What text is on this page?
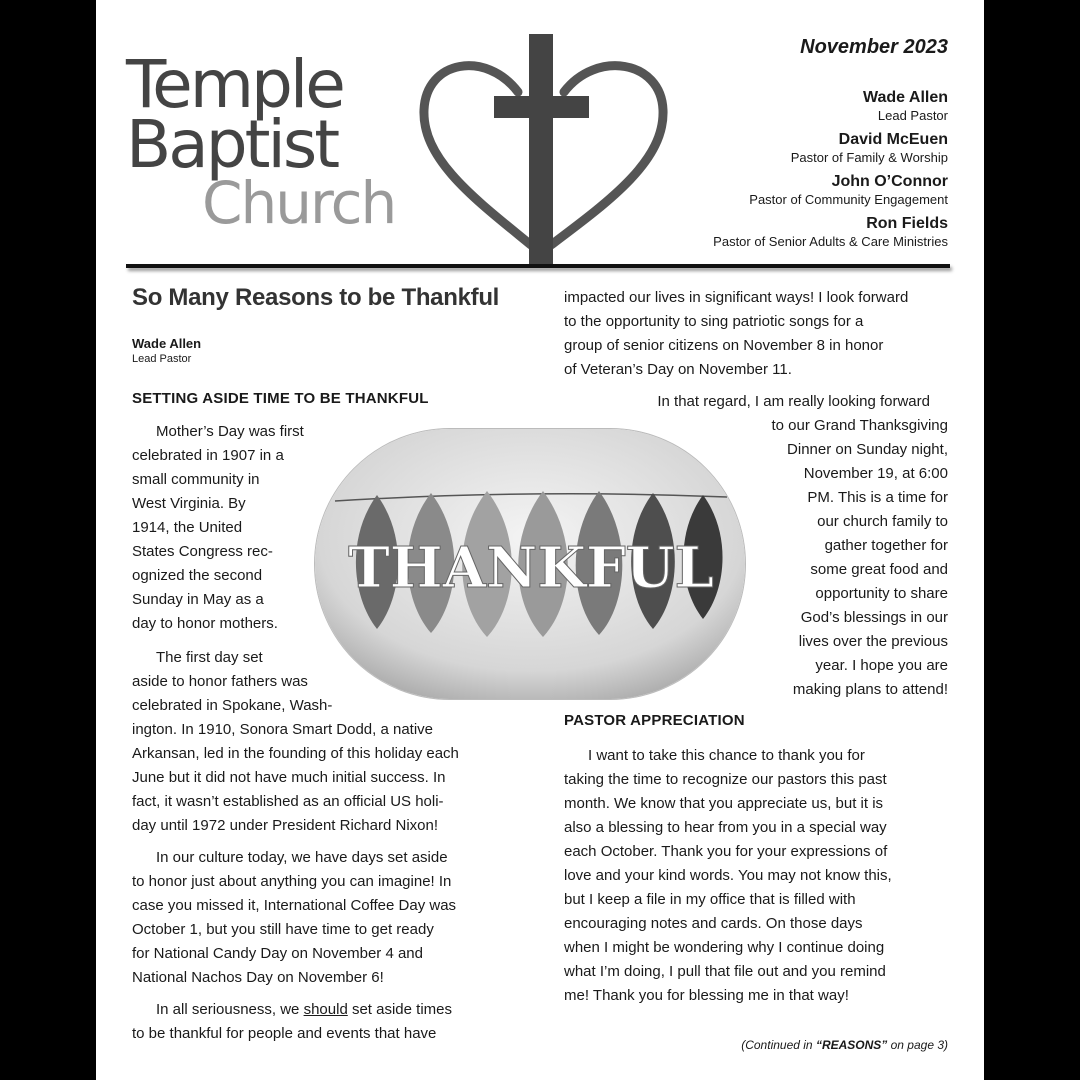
Temple
Baptist
Church
November 2023
Wade Allen
Lead Pastor
David McEuen
Pastor of Family & Worship
John O’Connor
Pastor of Community Engagement
Ron Fields
Pastor of Senior Adults & Care Ministries
So Many Reasons to be Thankful
Wade Allen
Lead Pastor
SETTING ASIDE TIME TO BE THANKFUL

Mother’s Day was first

celebrated in 1907 in a

small community in

West Virginia. By

1914, the United

States Congress rec-

ognized the second

Sunday in May as a

day to honor mothers.

The first day set

aside to honor fathers was

celebrated in Spokane, Wash-

ington. In 1910, Sonora Smart Dodd, a native

Arkansan, led in the founding of this holiday each

June but it did not have much initial success. In

fact, it wasn’t established as an official US holi-

day until 1972 under President Richard Nixon!

In our culture today, we have days set aside

to honor just about anything you can imagine! In

case you missed it, International Coffee Day was

October 1, but you still have time to get ready

for National Candy Day on November 4 and

National Nachos Day on November 6!

In all seriousness, we should set aside times

to be thankful for people and events that have

THANKFUL

impacted our lives in significant ways! I look forward

to the opportunity to sing patriotic songs for a

group of senior citizens on November 8 in honor

of Veteran’s Day on November 11.

In that regard, I am really looking forward

to our Grand Thanksgiving

Dinner on Sunday night,

November 19, at 6:00

PM. This is a time for

our church family to

gather together for

some great food and

opportunity to share

God’s blessings in our

lives over the previous

year. I hope you are

making plans to attend!

PASTOR APPRECIATION

I want to take this chance to thank you for

taking the time to recognize our pastors this past

month. We know that you appreciate us, but it is

also a blessing to hear from you in a special way

each October. Thank you for your expressions of

love and your kind words. You may not know this,

but I keep a file in my office that is filled with

encouraging notes and cards. On those days

when I might be wondering why I continue doing

what I’m doing, I pull that file out and you remind

me! Thank you for blessing me in that way!

(Continued in “REASONS” on page 3)
